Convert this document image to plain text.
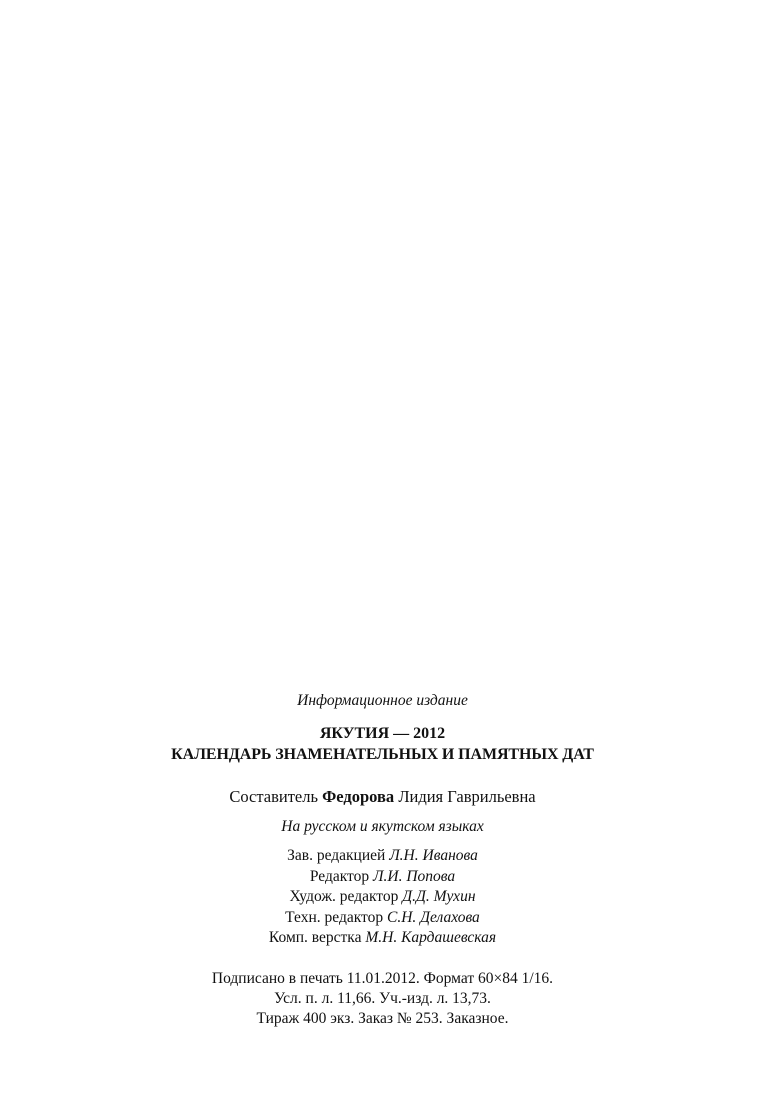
Информационное издание
ЯКУТИЯ — 2012
КАЛЕНДАРЬ ЗНАМЕНАТЕЛЬНЫХ И ПАМЯТНЫХ ДАТ
Составитель Федорова Лидия Гаврильевна
На русском и якутском языках
Зав. редакцией Л.Н. Иванова
Редактор Л.И. Попова
Худож. редактор Д.Д. Мухин
Техн. редактор С.Н. Делахова
Комп. верстка М.Н. Кардашевская
Подписано в печать 11.01.2012. Формат 60×84 1/16.
Усл. п. л. 11,66. Уч.-изд. л. 13,73.
Тираж 400 экз. Заказ № 253. Заказное.
